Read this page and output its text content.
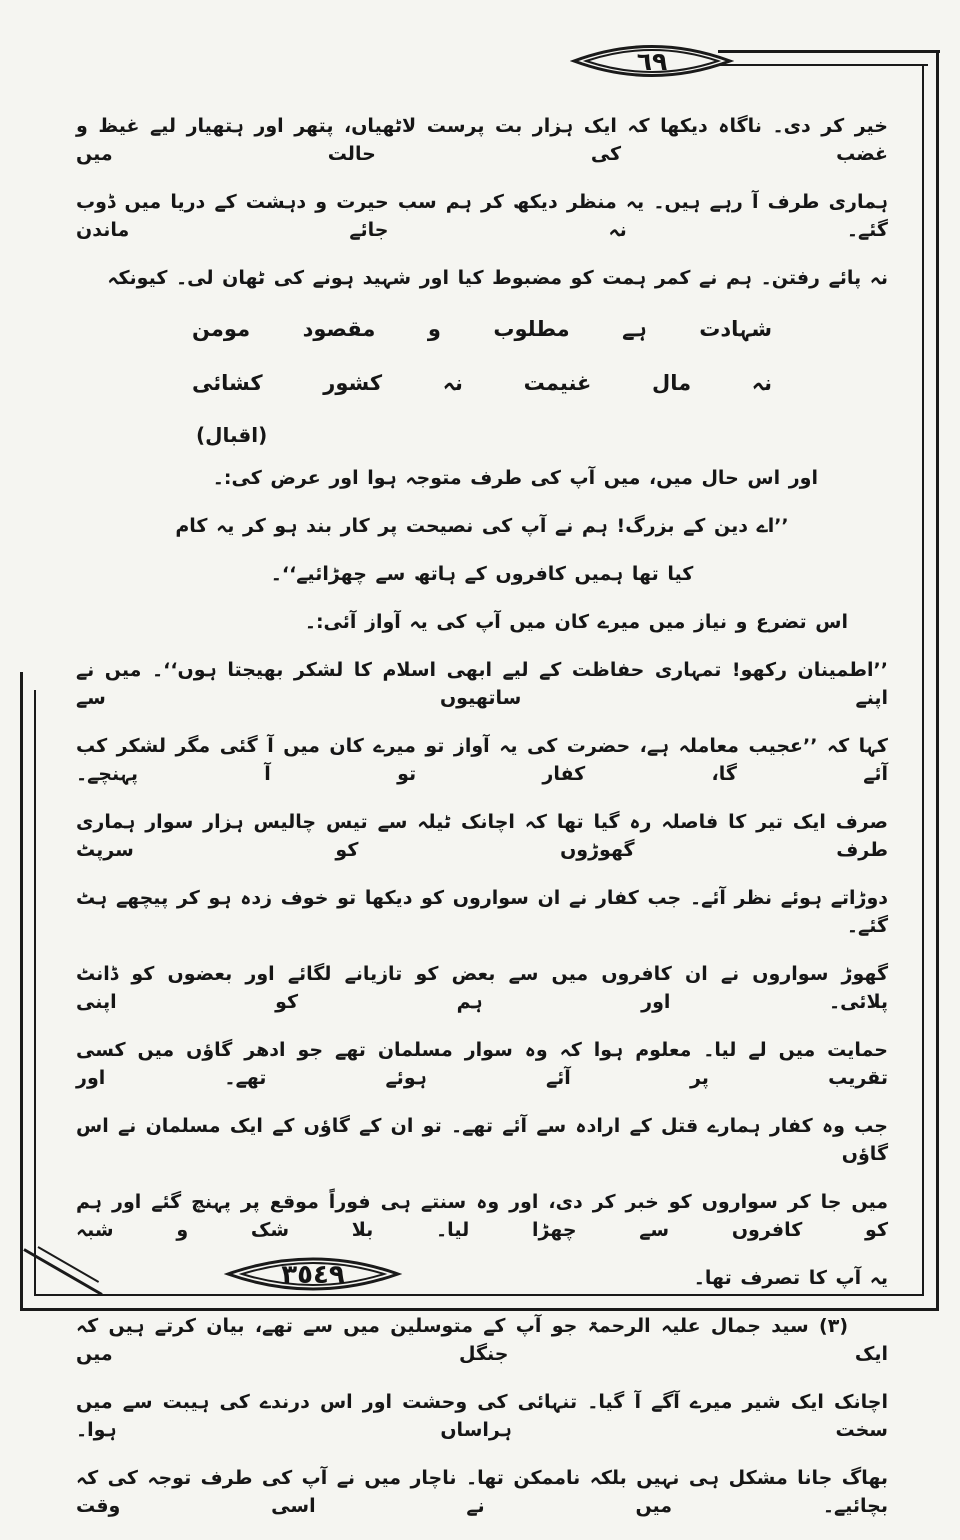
٦٩
٣٥٤٩
خیر کر دی۔ ناگاہ دیکھا کہ ایک ہزار بت پرست لاٹھیاں، پتھر اور ہتھیار لیے غیظ و غضب کی حالت میں
ہماری طرف آ رہے ہیں۔ یہ منظر دیکھ کر ہم سب حیرت و دہشت کے دریا میں ڈوب گئے۔ نہ جائے ماندن
نہ پائے رفتن۔ ہم نے کمر ہمت کو مضبوط کیا اور شہید ہونے کی ٹھان لی۔ کیونکہ
شہادت ہے مطلوب و مقصود مومن
نہ مال غنیمت نہ کشور کشائی
(اقبال)
اور اس حال میں، میں آپ کی طرف متوجہ ہوا اور عرض کی:۔
’’اے دین کے بزرگ! ہم نے آپ کی نصیحت پر کار بند ہو کر یہ کام
کیا تھا ہمیں کافروں کے ہاتھ سے چھڑائیے‘‘۔
اس تضرع و نیاز میں میرے کان میں آپ کی یہ آواز آئی:۔
’’اطمینان رکھو! تمہاری حفاظت کے لیے ابھی اسلام کا لشکر بھیجتا ہوں‘‘۔ میں نے اپنے ساتھیوں سے
کہا کہ ’’عجیب معاملہ ہے، حضرت کی یہ آواز تو میرے کان میں آ گئی مگر لشکر کب آئے گا، کفار تو آ پہنچے۔
صرف ایک تیر کا فاصلہ رہ گیا تھا کہ اچانک ٹیلہ سے تیس چالیس ہزار سوار ہماری طرف گھوڑوں کو سرپٹ
دوڑاتے ہوئے نظر آئے۔ جب کفار نے ان سواروں کو دیکھا تو خوف زدہ ہو کر پیچھے ہٹ گئے۔
گھوڑ سواروں نے ان کافروں میں سے بعض کو تازیانے لگائے اور بعضوں کو ڈانٹ پلائی۔ اور ہم کو اپنی
حمایت میں لے لیا۔ معلوم ہوا کہ وہ سوار مسلمان تھے جو ادھر گاؤں میں کسی تقریب پر آئے ہوئے تھے۔ اور
جب وہ کفار ہمارے قتل کے ارادہ سے آئے تھے۔ تو ان کے گاؤں کے ایک مسلمان نے اس گاؤں
میں جا کر سواروں کو خبر کر دی، اور وہ سنتے ہی فوراً موقع پر پہنچ گئے اور ہم کو کافروں سے چھڑا لیا۔ بلا شک و شبہ
یہ آپ کا تصرف تھا۔
(۳) سید جمال علیہ الرحمۃ جو آپ کے متوسلین میں سے تھے، بیان کرتے ہیں کہ ایک جنگل میں
اچانک ایک شیر میرے آگے آ گیا۔ تنہائی کی وحشت اور اس درندے کی ہیبت سے میں سخت ہراساں ہوا۔
بھاگ جانا مشکل ہی نہیں بلکہ ناممکن تھا۔ ناچار میں نے آپ کی طرف توجہ کی کہ بچائیے۔ میں نے اسی وقت
